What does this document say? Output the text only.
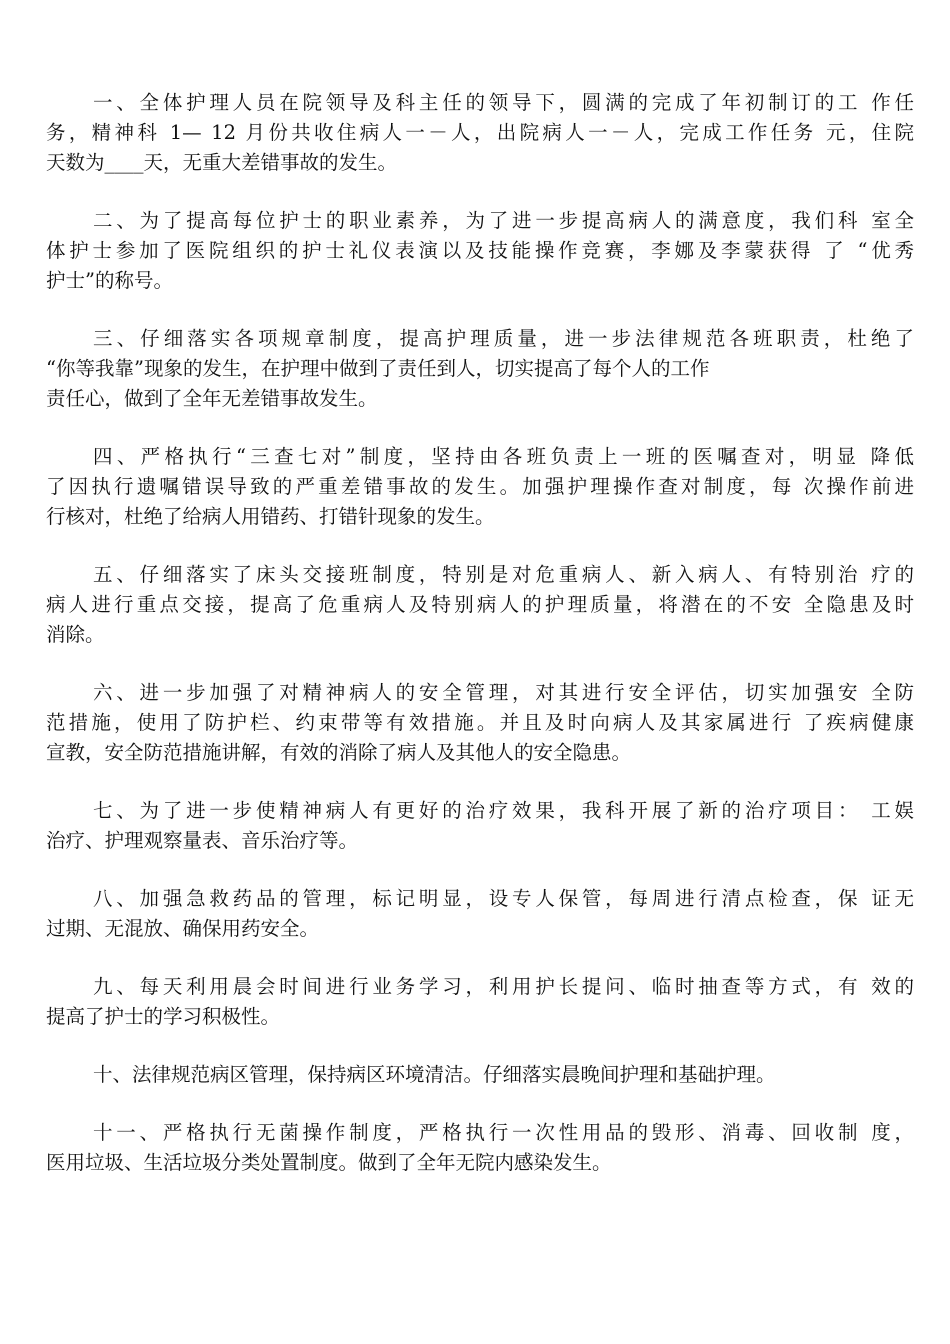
一、全体护理人员在院领导及科主任的领导下，圆满的完成了年初制订的工 作任
务，精神科 1— 12 月份共收住病人一－人，出院病人一－人，完成工作任务 元，住院
天数为____天，无重大差错事故的发生。
二、为了提高每位护士的职业素养，为了进一步提高病人的满意度，我们科 室全
体护士参加了医院组织的护士礼仪表演以及技能操作竞赛，李娜及李蒙获得 了 “优秀
护士”的称号。
三、仔细落实各项规章制度，提高护理质量，进一步法律规范各班职责，杜绝了
“你等我靠”现象的发生，在护理中做到了责任到人，切实提高了每个人的工作
责任心，做到了全年无差错事故发生。
四、严格执行“三查七对”制度，坚持由各班负责上一班的医嘱查对，明显 降低
了因执行遗嘱错误导致的严重差错事故的发生。加强护理操作查对制度，每 次操作前进
行核对，杜绝了给病人用错药、打错针现象的发生。
五、仔细落实了床头交接班制度，特别是对危重病人、新入病人、有特别治 疗的
病人进行重点交接，提高了危重病人及特别病人的护理质量，将潜在的不安 全隐患及时
消除。
六、进一步加强了对精神病人的安全管理，对其进行安全评估，切实加强安 全防
范措施，使用了防护栏、约束带等有效措施。并且及时向病人及其家属进行 了疾病健康
宣教，安全防范措施讲解，有效的消除了病人及其他人的安全隐患。
七、为了进一步使精神病人有更好的治疗效果，我科开展了新的治疗项目： 工娱
治疗、护理观察量表、音乐治疗等。
八、加强急救药品的管理，标记明显，设专人保管，每周进行清点检查，保 证无
过期、无混放、确保用药安全。
九、每天利用晨会时间进行业务学习，利用护长提问、临时抽查等方式，有 效的
提高了护士的学习积极性。
十、法律规范病区管理，保持病区环境清洁。仔细落实晨晚间护理和基础护理。
十一、严格执行无菌操作制度，严格执行一次性用品的毁形、消毒、回收制 度，
医用垃圾、生活垃圾分类处置制度。做到了全年无院内感染发生。
